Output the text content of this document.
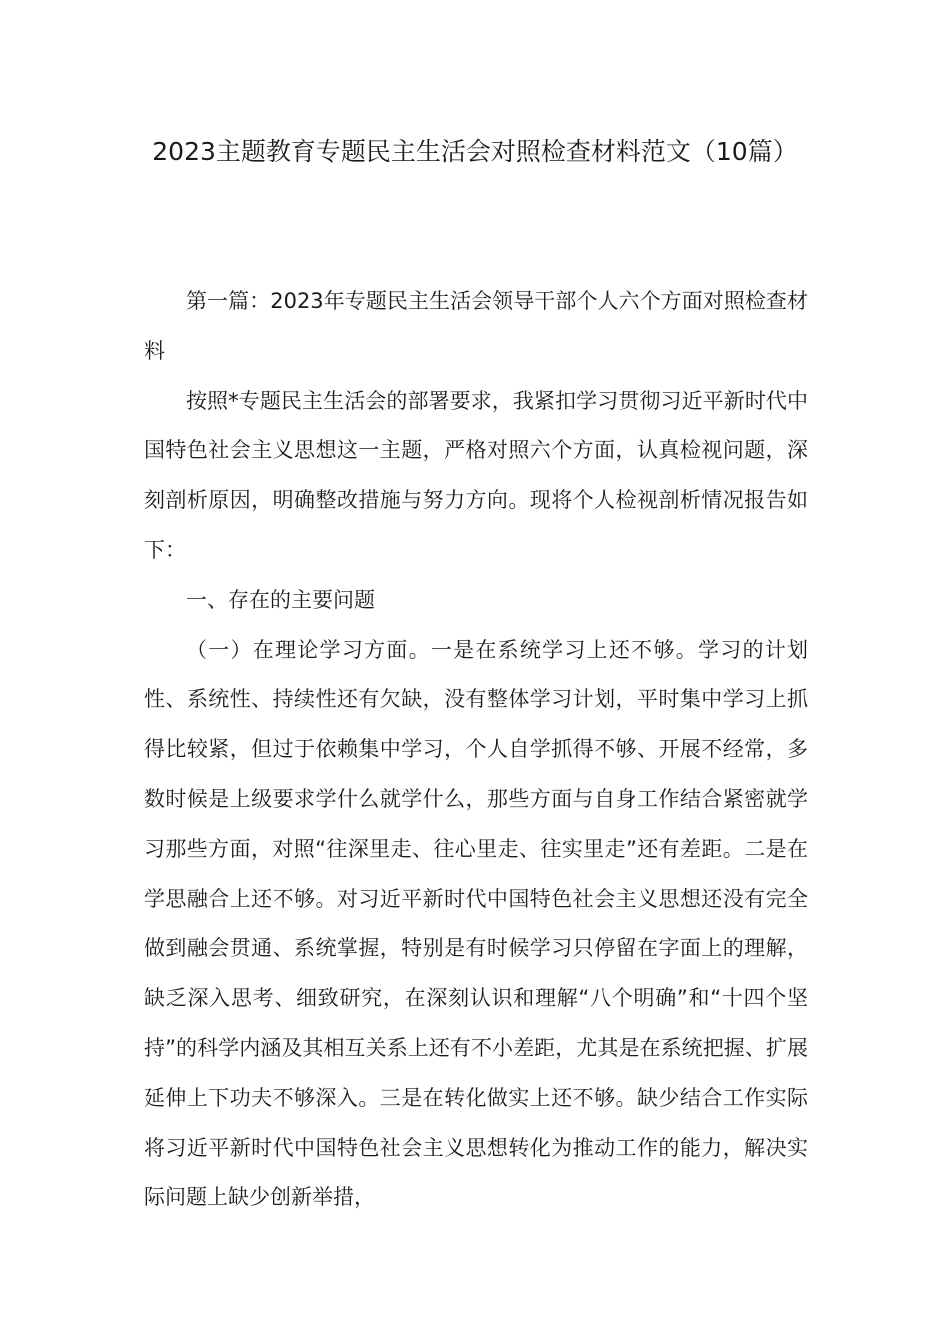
2023主题教育专题民主生活会对照检查材料范文（10篇）

第一篇：2023年专题民主生活会领导干部个人六个方面对照检查材料

按照*专题民主生活会的部署要求，我紧扣学习贯彻习近平新时代中国特色社会主义思想这一主题，严格对照六个方面，认真检视问题，深刻剖析原因，明确整改措施与努力方向。现将个人检视剖析情况报告如下：

一、存在的主要问题

（一）在理论学习方面。一是在系统学习上还不够。学习的计划性、系统性、持续性还有欠缺，没有整体学习计划，平时集中学习上抓得比较紧，但过于依赖集中学习，个人自学抓得不够、开展不经常，多数时候是上级要求学什么就学什么，那些方面与自身工作结合紧密就学习那些方面，对照“往深里走、往心里走、往实里走”还有差距。二是在学思融合上还不够。对习近平新时代中国特色社会主义思想还没有完全做到融会贯通、系统掌握，特别是有时候学习只停留在字面上的理解，缺乏深入思考、细致研究，在深刻认识和理解“八个明确”和“十四个坚持”的科学内涵及其相互关系上还有不小差距，尤其是在系统把握、扩展延伸上下功夫不够深入。三是在转化做实上还不够。缺少结合工作实际将习近平新时代中国特色社会主义思想转化为推动工作的能力，解决实际问题上缺少创新举措，
